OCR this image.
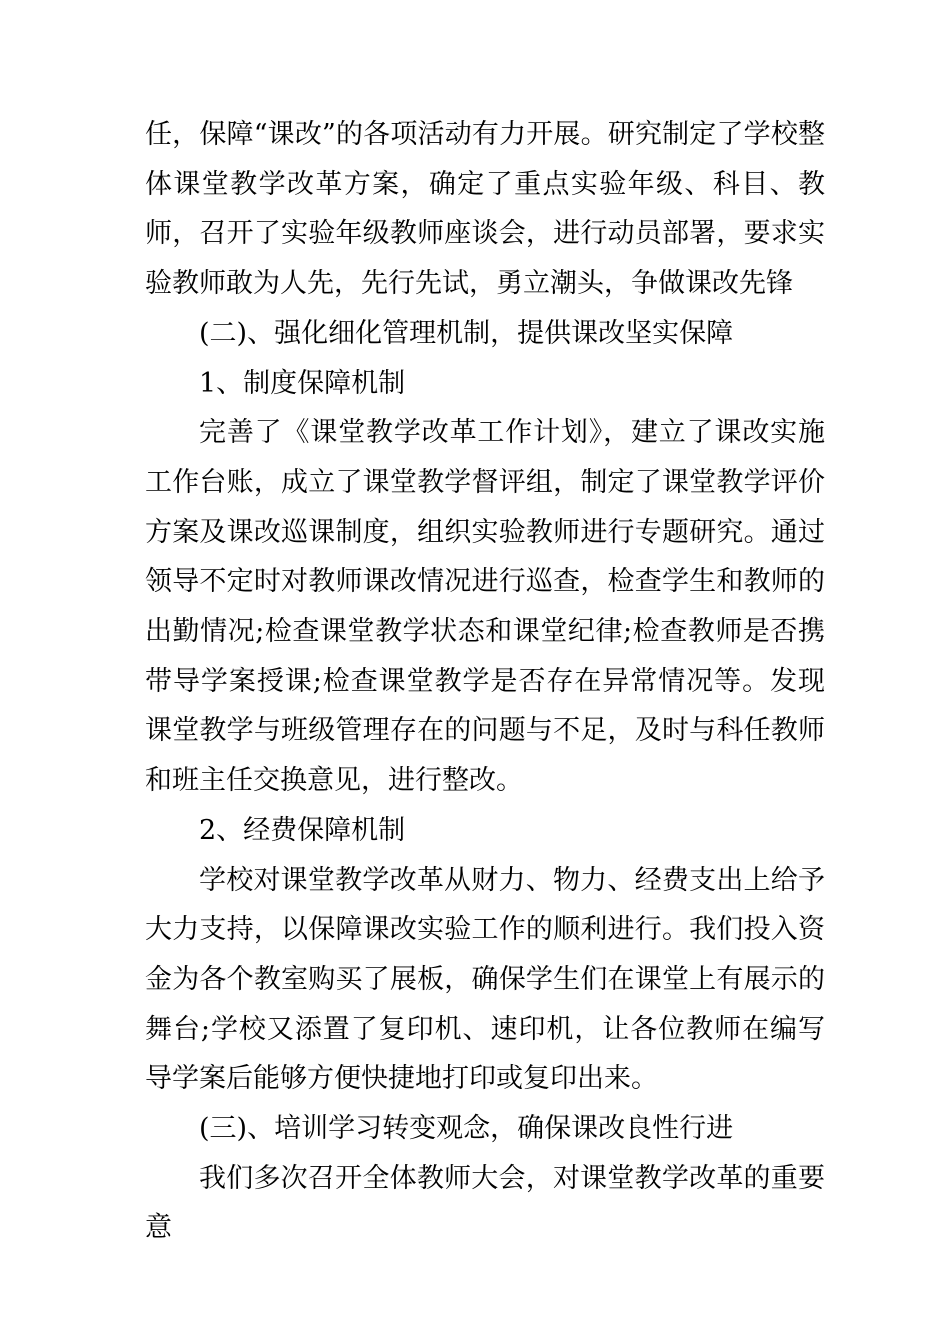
任，保障“课改”的各项活动有力开展。研究制定了学校整体课堂教学改革方案，确定了重点实验年级、科目、教师，召开了实验年级教师座谈会，进行动员部署，要求实验教师敢为人先，先行先试，勇立潮头，争做课改先锋

(二)、强化细化管理机制，提供课改坚实保障

1、制度保障机制

完善了《课堂教学改革工作计划》，建立了课改实施工作台账，成立了课堂教学督评组，制定了课堂教学评价方案及课改巡课制度，组织实验教师进行专题研究。通过领导不定时对教师课改情况进行巡查，检查学生和教师的出勤情况;检查课堂教学状态和课堂纪律;检查教师是否携带导学案授课;检查课堂教学是否存在异常情况等。发现课堂教学与班级管理存在的问题与不足，及时与科任教师和班主任交换意见，进行整改。

2、经费保障机制

学校对课堂教学改革从财力、物力、经费支出上给予大力支持，以保障课改实验工作的顺利进行。我们投入资金为各个教室购买了展板，确保学生们在课堂上有展示的舞台;学校又添置了复印机、速印机，让各位教师在编写导学案后能够方便快捷地打印或复印出来。

(三)、培训学习转变观念，确保课改良性行进

我们多次召开全体教师大会，对课堂教学改革的重要意
